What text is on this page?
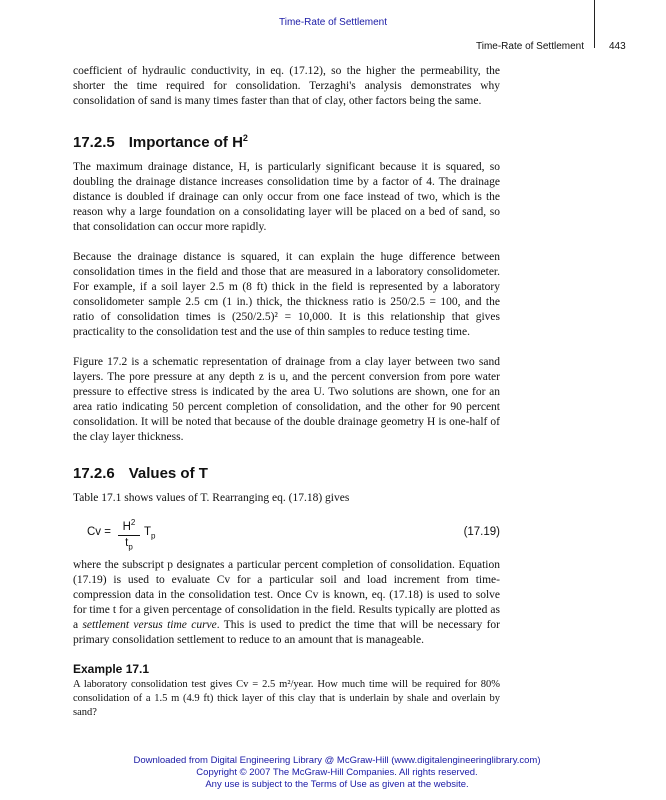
Time-Rate of Settlement
Time-Rate of Settlement	443

coefficient of hydraulic conductivity, in eq. (17.12), so the higher the permeability, the shorter the time required for consolidation. Terzaghi's analysis demonstrates why consolidation of sand is many times faster than that of clay, other factors being the same.

17.2.5 Importance of $H^2$

The maximum drainage distance, H, is particularly significant because it is squared, so doubling the drainage distance increases consolidation time by a factor of 4. The drainage distance is doubled if drainage can only occur from one face instead of two, which is the reason why a large foundation on a consolidating layer will be placed on a bed of sand, so that consolidation can occur more rapidly.

Because the drainage distance is squared, it can explain the huge difference between consolidation times in the field and those that are measured in a laboratory consolidometer. For example, if a soil layer 2.5 m (8 ft) thick in the field is represented by a laboratory consolidometer sample 2.5 cm (1 in.) thick, the thickness ratio is 250/2.5 = 100, and the ratio of consolidation times is (250/2.5)² = 10,000. It is this relationship that gives practicality to the consolidation test and the use of thin samples to reduce testing time.

Figure 17.2 is a schematic representation of drainage from a clay layer between two sand layers. The pore pressure at any depth z is u, and the percent conversion from pore water pressure to effective stress is indicated by the area U. Two solutions are shown, one for an area ratio indicating 50 percent completion of consolidation, and the other for 90 percent consolidation. It will be noted that because of the double drainage geometry H is one-half of the clay layer thickness.

17.2.6 Values of T

Table 17.1 shows values of T. Rearranging eq. (17.18) gives

$Cv = \frac{H^2}{t_p} T_p$	(17.19)

where the subscript p designates a particular percent completion of consolidation. Equation (17.19) is used to evaluate Cv for a particular soil and load increment from time-compression data in the consolidation test. Once Cv is known, eq. (17.18) is used to solve for time t for a given percentage of consolidation in the field. Results typically are plotted as a settlement versus time curve. This is used to predict the time that will be necessary for primary consolidation settlement to reduce to an amount that is manageable.

Example 17.1

A laboratory consolidation test gives Cv = 2.5 m²/year. How much time will be required for 80% consolidation of a 1.5 m (4.9 ft) thick layer of this clay that is underlain by shale and overlain by sand?

Downloaded from Digital Engineering Library @ McGraw-Hill (www.digitalengineeringlibrary.com)
Copyright © 2007 The McGraw-Hill Companies. All rights reserved.
Any use is subject to the Terms of Use as given at the website.
